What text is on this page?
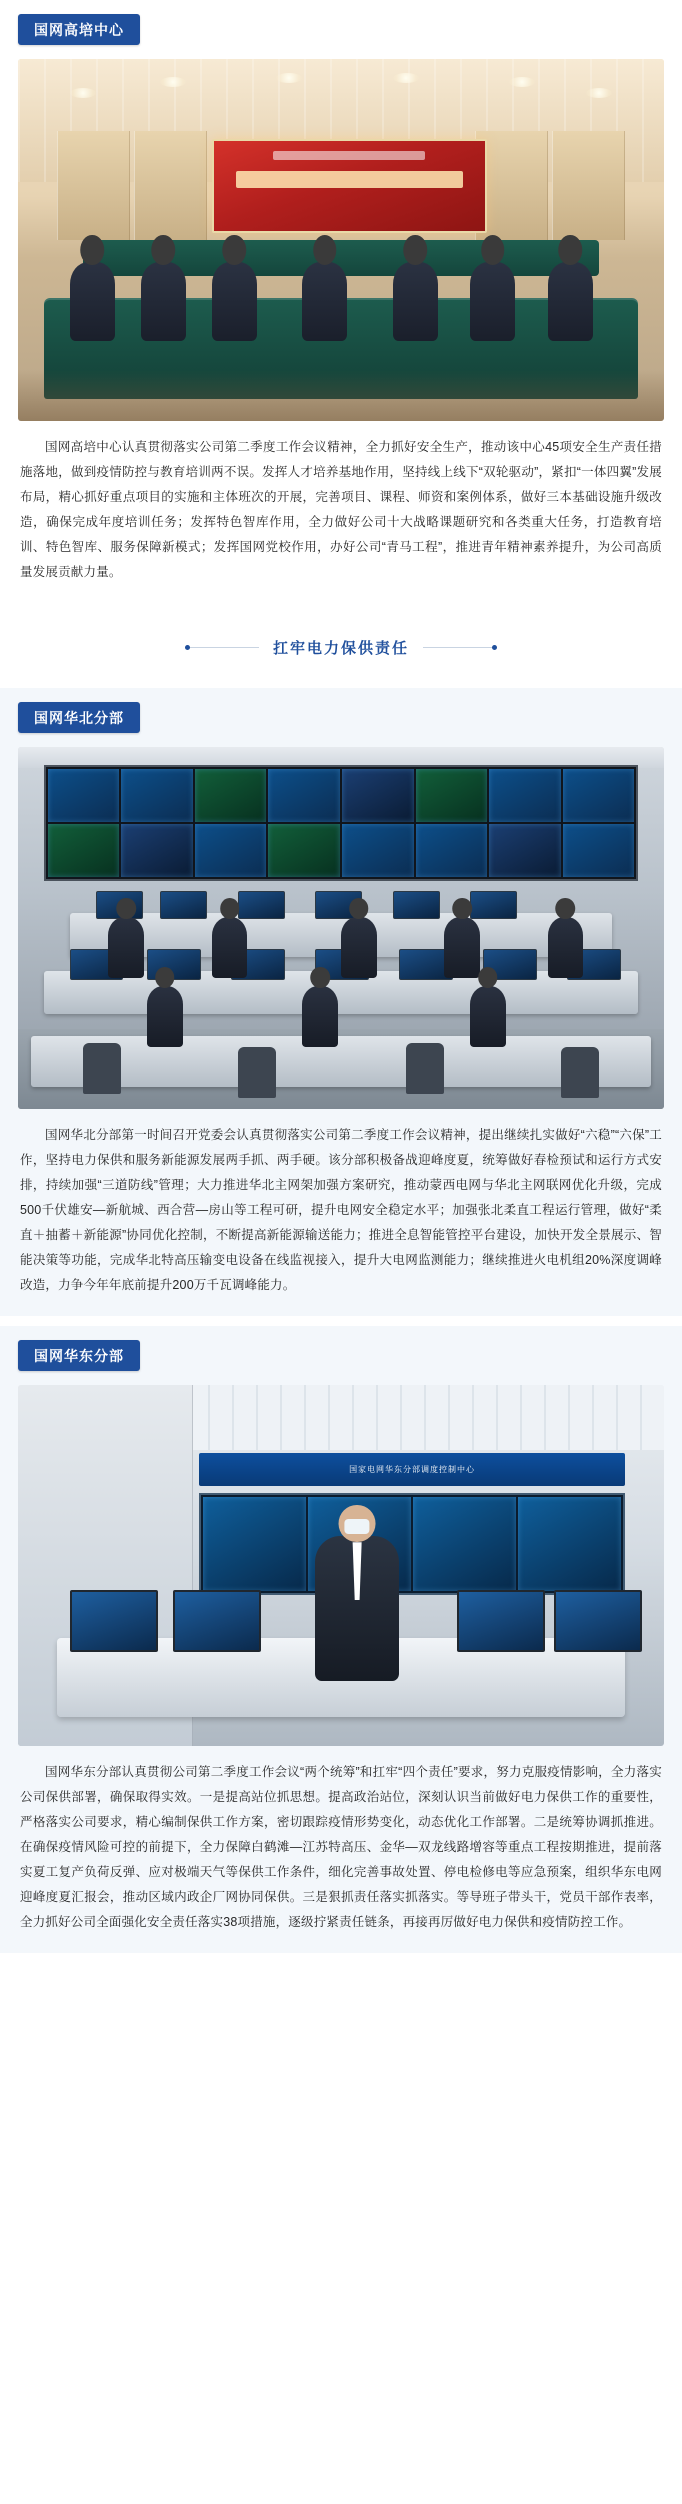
国网高培中心

国网高培中心认真贯彻落实公司第二季度工作会议精神，全力抓好安全生产，推动该中心45项安全生产责任措施落地，做到疫情防控与教育培训两不误。发挥人才培养基地作用，坚持线上线下“双轮驱动”，紧扣“一体四翼”发展布局，精心抓好重点项目的实施和主体班次的开展，完善项目、课程、师资和案例体系，做好三本基础设施升级改造，确保完成年度培训任务；发挥特色智库作用，全力做好公司十大战略课题研究和各类重大任务，打造教育培训、特色智库、服务保障新模式；发挥国网党校作用，办好公司“青马工程”，推进青年精神素养提升，为公司高质量发展贡献力量。

扛牢电力保供责任
国网华北分部

国网华北分部第一时间召开党委会认真贯彻落实公司第二季度工作会议精神，提出继续扎实做好“六稳”“六保”工作，坚持电力保供和服务新能源发展两手抓、两手硬。该分部积极备战迎峰度夏，统筹做好春检预试和运行方式安排，持续加强“三道防线”管理；大力推进华北主网架加强方案研究，推动蒙西电网与华北主网联网优化升级，完成500千伏雄安—新航城、西合营—房山等工程可研，提升电网安全稳定水平；加强张北柔直工程运行管理，做好“柔直＋抽蓄＋新能源”协同优化控制，不断提高新能源输送能力；推进全息智能管控平台建设，加快开发全景展示、智能决策等功能，完成华北特高压输变电设备在线监视接入，提升大电网监测能力；继续推进火电机组20%深度调峰改造，力争今年年底前提升200万千瓦调峰能力。

国网华东分部
国家电网华东分部调度控制中心

国网华东分部认真贯彻公司第二季度工作会议“两个统筹”和扛牢“四个责任”要求，努力克服疫情影响，全力落实公司保供部署，确保取得实效。一是提高站位抓思想。提高政治站位，深刻认识当前做好电力保供工作的重要性，严格落实公司要求，精心编制保供工作方案，密切跟踪疫情形势变化，动态优化工作部署。二是统筹协调抓推进。在确保疫情风险可控的前提下，全力保障白鹤滩—江苏特高压、金华—双龙线路增容等重点工程按期推进，提前落实夏工复产负荷反弹、应对极端天气等保供工作条件，细化完善事故处置、停电检修电等应急预案，组织华东电网迎峰度夏汇报会，推动区域内政企厂网协同保供。三是狠抓责任落实抓落实。等导班子带头干，党员干部作表率，全力抓好公司全面强化安全责任落实38项措施，逐级拧紧责任链条，再接再厉做好电力保供和疫情防控工作。
